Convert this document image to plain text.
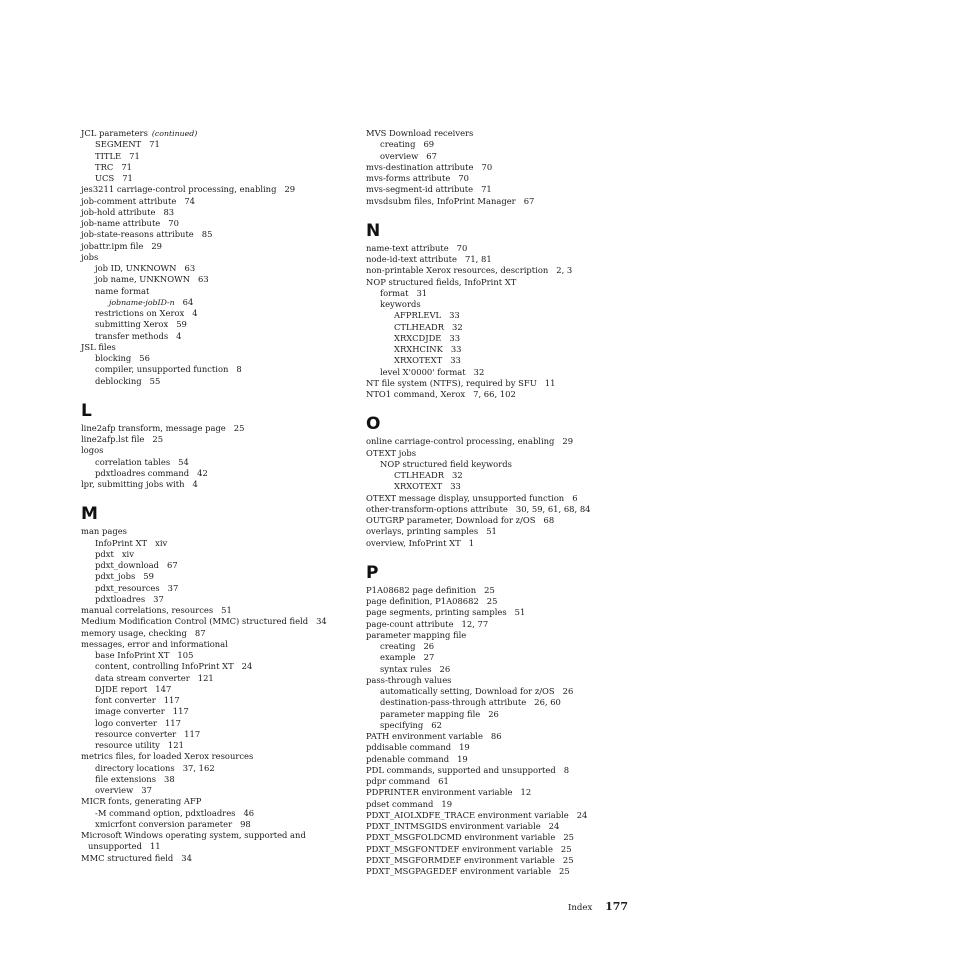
JCL parameters (continued)
SEGMENT 71
TITLE 71
TRC 71
UCS 71
jes3211 carriage-control processing, enabling 29
job-comment attribute 74
job-hold attribute 83
job-name attribute 70
job-state-reasons attribute 85
jobattr.ipm file 29
jobs
job ID, UNKNOWN 63
job name, UNKNOWN 63
name format
jobname-jobID-n 64
restrictions on Xerox 4
submitting Xerox 59
transfer methods 4
JSL files
blocking 56
compiler, unsupported function 8
deblocking 55
L
line2afp transform, message page 25
line2afp.lst file 25
logos
correlation tables 54
pdxtloadres command 42
lpr, submitting jobs with 4
M
man pages
InfoPrint XT xiv
pdxt xiv
pdxt_download 67
pdxt_jobs 59
pdxt_resources 37
pdxtloadres 37
manual correlations, resources 51
Medium Modification Control (MMC) structured field 34
memory usage, checking 87
messages, error and informational
base InfoPrint XT 105
content, controlling InfoPrint XT 24
data stream converter 121
DJDE report 147
font converter 117
image converter 117
logo converter 117
resource converter 117
resource utility 121
metrics files, for loaded Xerox resources
directory locations 37, 162
file extensions 38
overview 37
MICR fonts, generating AFP
-M command option, pdxtloadres 46
xmicrfont conversion parameter 98
Microsoft Windows operating system, supported and unsupported 11
MMC structured field 34
MVS Download receivers
creating 69
overview 67
mvs-destination attribute 70
mvs-forms attribute 70
mvs-segment-id attribute 71
mvsdsubm files, InfoPrint Manager 67
N
name-text attribute 70
node-id-text attribute 71, 81
non-printable Xerox resources, description 2, 3
NOP structured fields, InfoPrint XT
format 31
keywords
AFPRLEVL 33
CTLHEADR 32
XRXCDJDE 33
XRXHCINK 33
XRXOTEXT 33
level X'0000' format 32
NT file system (NTFS), required by SFU 11
NTO1 command, Xerox 7, 66, 102
O
online carriage-control processing, enabling 29
OTEXT jobs
NOP structured field keywords
CTLHEADR 32
XRXOTEXT 33
OTEXT message display, unsupported function 6
other-transform-options attribute 30, 59, 61, 68, 84
OUTGRP parameter, Download for z/OS 68
overlays, printing samples 51
overview, InfoPrint XT 1
P
P1A08682 page definition 25
page definition, P1A08682 25
page segments, printing samples 51
page-count attribute 12, 77
parameter mapping file
creating 26
example 27
syntax rules 26
pass-through values
automatically setting, Download for z/OS 26
destination-pass-through attribute 26, 60
parameter mapping file 26
specifying 62
PATH environment variable 86
pddisable command 19
pdenable command 19
PDL commands, supported and unsupported 8
pdpr command 61
PDPRINTER environment variable 12
pdset command 19
PDXT_AIOLXDFE_TRACE environment variable 24
PDXT_INTMSGIDS environment variable 24
PDXT_MSGFOLDCMD environment variable 25
PDXT_MSGFONTDEF environment variable 25
PDXT_MSGFORMDEF environment variable 25
PDXT_MSGPAGEDEF environment variable 25
Index 177
